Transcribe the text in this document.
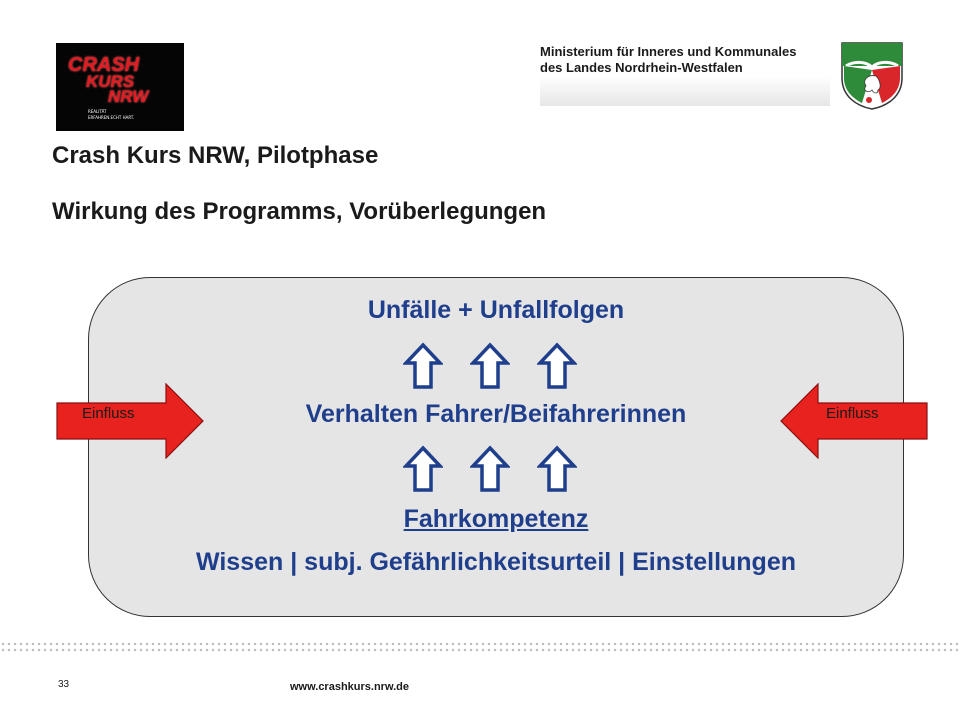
CRASH
KURS
NRW
REALITÄT
ERFAHREN.ECHT HART.
Ministerium für Inneres und Kommunales
des Landes Nordrhein-Westfalen
Crash Kurs NRW, Pilotphase
Wirkung des Programms, Vorüberlegungen
Unfälle + Unfallfolgen
Verhalten Fahrer/Beifahrerinnen
Fahrkompetenz
Wissen | subj. Gefährlichkeitsurteil | Einstellungen
Einfluss	Einfluss
33	www.crashkurs.nrw.de
